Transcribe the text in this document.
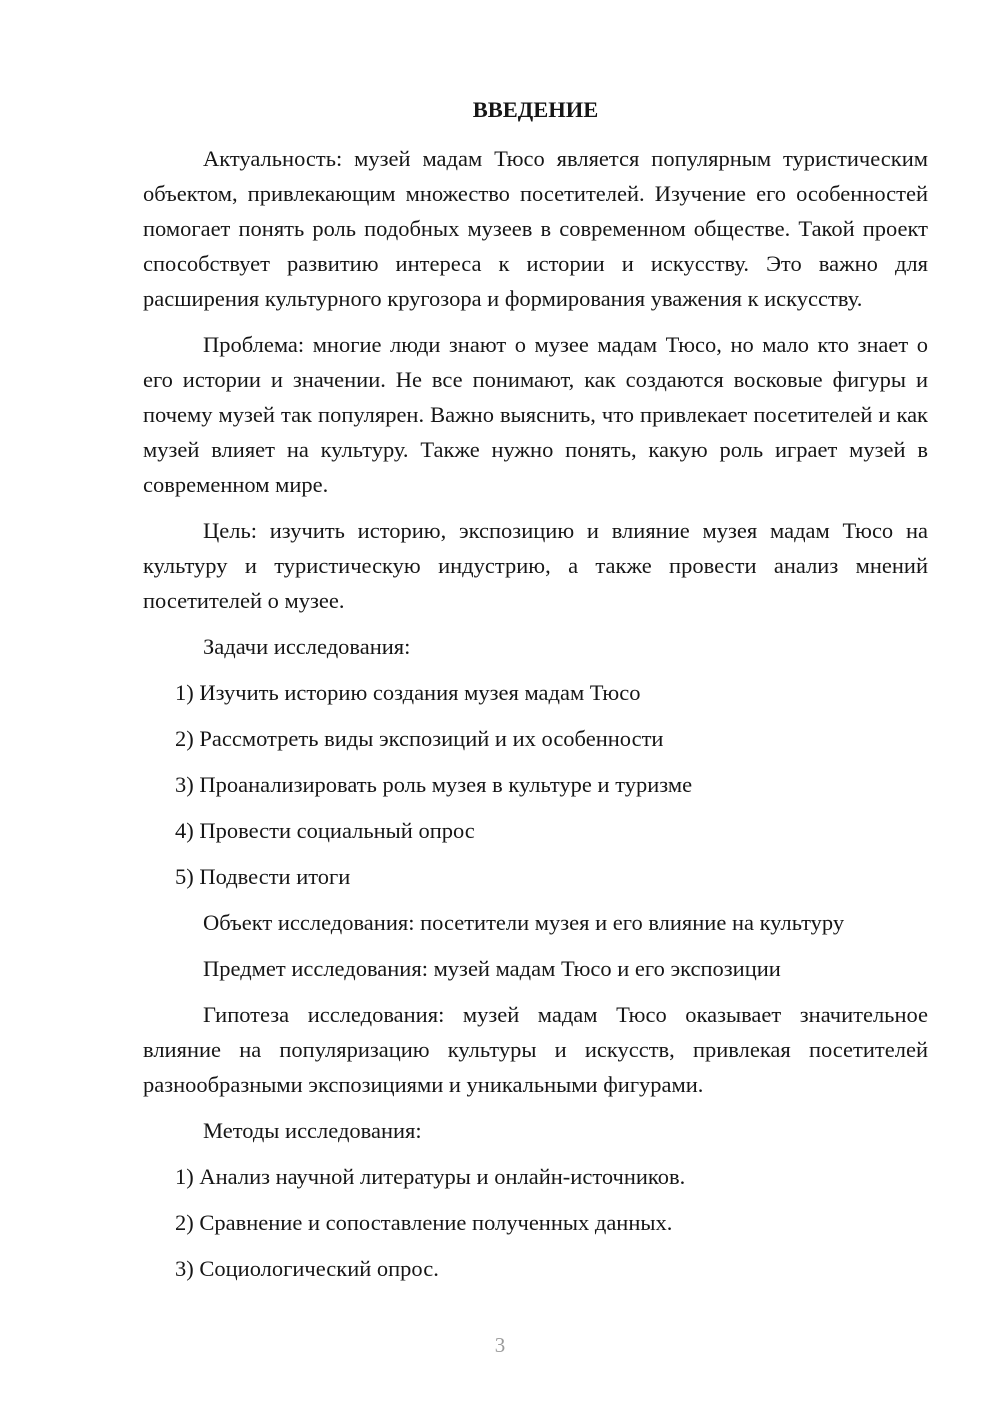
ВВЕДЕНИЕ

Актуальность: музей мадам Тюсо является популярным туристическим объектом, привлекающим множество посетителей. Изучение его особенностей помогает понять роль подобных музеев в современном обществе. Такой проект способствует развитию интереса к истории и искусству. Это важно для расширения культурного кругозора и формирования уважения к искусству.

Проблема: многие люди знают о музее мадам Тюсо, но мало кто знает о его истории и значении. Не все понимают, как создаются восковые фигуры и почему музей так популярен. Важно выяснить, что привлекает посетителей и как музей влияет на культуру. Также нужно понять, какую роль играет музей в современном мире.

Цель: изучить историю, экспозицию и влияние музея мадам Тюсо на культуру и туристическую индустрию, а также провести анализ мнений посетителей о музее.

Задачи исследования:
1) Изучить историю создания музея мадам Тюсо
2) Рассмотреть виды экспозиций и их особенности
3) Проанализировать роль музея в культуре и туризме
4) Провести социальный опрос
5) Подвести итоги
Объект исследования: посетители музея и его влияние на культуру
Предмет исследования: музей мадам Тюсо и его экспозиции

Гипотеза исследования: музей мадам Тюсо оказывает значительное влияние на популяризацию культуры и искусств, привлекая посетителей разнообразными экспозициями и уникальными фигурами.

Методы исследования:
1) Анализ научной литературы и онлайн-источников.
2) Сравнение и сопоставление полученных данных.
3) Социологический опрос.
3
